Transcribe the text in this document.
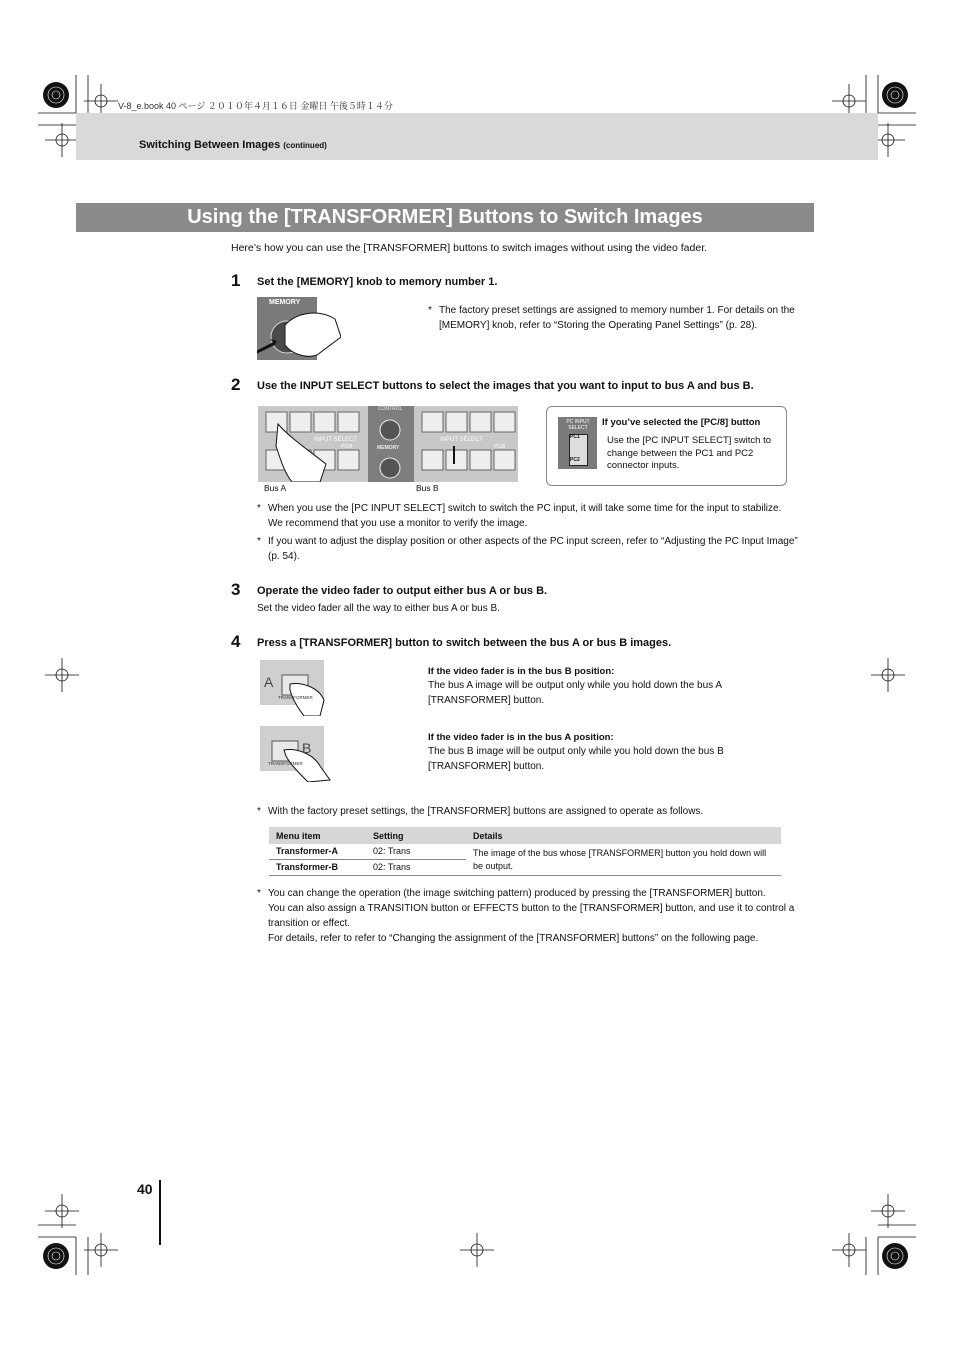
V-8_e.book 40 ページ ２０１０年４月１６日 金曜日 午後５時１４分
Switching Between Images (continued)
Using the [TRANSFORMER] Buttons to Switch Images
Here’s how you can use the [TRANSFORMER] buttons to switch images without using the video fader.
1 Set the [MEMORY] knob to memory number 1.
MEMORY
* The factory preset settings are assigned to memory number 1. For details on the [MEMORY] knob, refer to “Storing the Operating Panel Settings” (p. 28).
2 Use the INPUT SELECT buttons to select the images that you want to input to bus A and bus B.
INPUT SELECT	INPUT SELECT
CONTROL
MEMORY
PC/8	PC/8
Bus A	Bus B
PC INPUT SELECT
PC1
PC2
If you’ve selected the [PC/8] button
Use the [PC INPUT SELECT] switch to change between the PC1 and PC2 connector inputs.
* When you use the [PC INPUT SELECT] switch to switch the PC input, it will take some time for the input to stabilize. We recommend that you use a monitor to verify the image.
* If you want to adjust the display position or other aspects of the PC input screen, refer to “Adjusting the PC Input Image” (p. 54).
3 Operate the video fader to output either bus A or bus B.
Set the video fader all the way to either bus A or bus B.
4 Press a [TRANSFORMER] button to switch between the bus A or bus B images.
A
TRANSFORMER
If the video fader is in the bus B position:
The bus A image will be output only while you hold down the bus A [TRANSFORMER] button.
B
TRANSFORMER
If the video fader is in the bus A position:
The bus B image will be output only while you hold down the bus B [TRANSFORMER] button.
* With the factory preset settings, the [TRANSFORMER] buttons are assigned to operate as follows.
Menu item	Setting	Details
Transformer-A	02: Trans	The image of the bus whose [TRANSFORMER] button you hold down will be output.
Transformer-B	02: Trans	
* You can change the operation (the image switching pattern) produced by pressing the [TRANSFORMER] button.
You can also assign a TRANSITION button or EFFECTS button to the [TRANSFORMER] button, and use it to control a transition or effect.
For details, refer to refer to “Changing the assignment of the [TRANSFORMER] buttons” on the following page.
40
